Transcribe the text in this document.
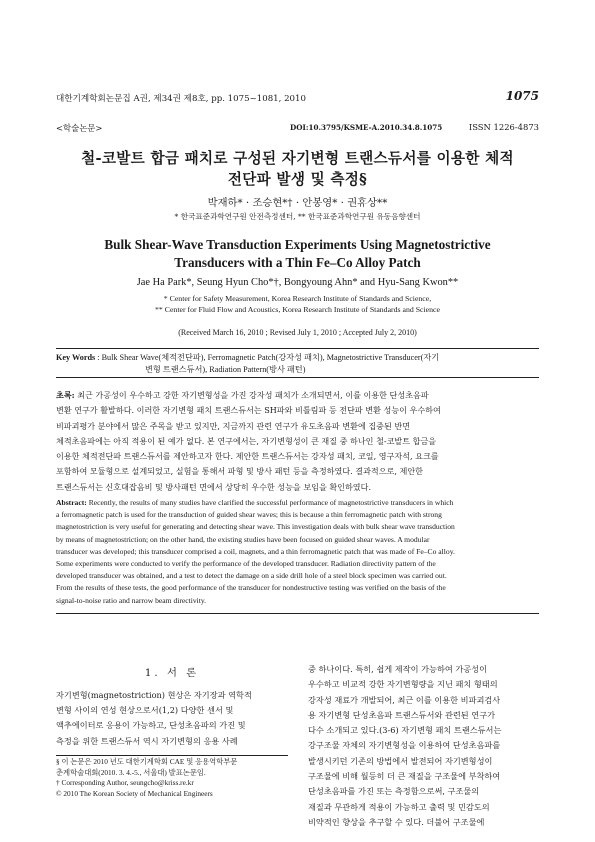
대한기계학회논문집 A권, 제34권 제8호, pp. 1075~1081, 2010	1075
<학술논문>	DOI:10.3795/KSME-A.2010.34.8.1075	ISSN 1226-4873
철-코발트 합금 패치로 구성된 자기변형 트랜스듀서를 이용한 체적
전단파 발생 및 측정§
박재하* · 조승현*† · 안봉영* · 권휴상**
* 한국표준과학연구원 안전측정센터, ** 한국표준과학연구원 유동음향센터
Bulk Shear-Wave Transduction Experiments Using Magnetostrictive
Transducers with a Thin Fe–Co Alloy Patch
Jae Ha Park*, Seung Hyun Cho*†, Bongyoung Ahn* and Hyu-Sang Kwon**
* Center for Safety Measurement, Korea Research Institute of Standards and Science,
** Center for Fluid Flow and Acoustics, Korea Research Institute of Standards and Science
(Received March 16, 2010 ; Revised July 1, 2010 ; Accepted July 2, 2010)
Key Words : Bulk Shear Wave(체적전단파), Ferromagnetic Patch(강자성 패치), Magnetostrictive Transducer(자기
변형 트랜스듀서), Radiation Pattern(방사 패턴)

초록: 최근 가공성이 우수하고 강한 자기변형성을 가진 강자성 패치가 소개되면서, 이를 이용한 단성초음파

변환 연구가 활발하다. 이러한 자기변형 패치 트랜스듀서는 SH파와 비틀림파 등 전단파 변환 성능이 우수하여

비파괴평가 분야에서 많은 주목을 받고 있지만, 지금까지 관련 연구가 유도초음파 변환에 집중된 반면

체적초음파에는 아직 적용이 된 예가 없다. 본 연구에서는, 자기변형성이 큰 재질 중 하나인 철-코발트 합금을

이용한 체적전단파 트랜스듀서를 제안하고자 한다. 제안한 트랜스듀서는 강자성 패치, 코일, 영구자석, 요크를

포함하여 모듈형으로 설계되었고, 실험을 통해서 파형 및 방사 패턴 등을 측정하였다. 결과적으로, 제안한

트랜스듀서는 신호대잡음비 및 방사패턴 면에서 상당히 우수한 성능을 보임을 확인하였다.

Abstract: Recently, the results of many studies have clarified the successful performance of magnetostrictive transducers in which

a ferromagnetic patch is used for the transduction of guided shear waves; this is because a thin ferromagnetic patch with strong

magnetostriction is very useful for generating and detecting shear wave. This investigation deals with bulk shear wave transduction

by means of magnetostriction; on the other hand, the existing studies have been focused on guided shear waves. A modular

transducer was developed; this transducer comprised a coil, magnets, and a thin ferromagnetic patch that was made of Fe–Co alloy.

Some experiments were conducted to verify the performance of the developed transducer. Radiation directivity pattern of the

developed transducer was obtained, and a test to detect the damage on a side drill hole of a steel block specimen was carried out.

From the results of these tests, the good performance of the transducer for nondestructive testing was verified on the basis of the

signal-to-noise ratio and narrow beam directivity.

1. 서 론

자기변형(magnetostriction) 현상은 자기장과 역학적

변형 사이의 연성 현상으로서(1,2) 다양한 센서 및

액추에이터로 응용이 가능하고, 단성초음파의 가진 및

측정을 위한 트랜스듀서 역시 자기변형의 응용 사례

§ 이 논문은 2010 년도 대한기계학회 CAE 및 응용역학부문

춘계학술대회(2010. 3. 4.-5., 서울대) 발표논문임.

† Corresponding Author, seungcho@kriss.re.kr

© 2010 The Korean Society of Mechanical Engineers

중 하나이다. 특히, 쉽게 제작이 가능하여 가공성이

우수하고 비교적 강한 자기변형량을 지닌 패치 형태의

강자성 재료가 개발되어, 최근 이를 이용한 비파괴검사

용 자기변형 단성초음파 트랜스듀서와 관련된 연구가

다수 소개되고 있다.(3-6) 자기변형 패치 트랜스듀서는

강구조물 자체의 자기변형성을 이용하여 단성초음파를

발생시키던 기존의 방법에서 발전되어 자기변형성이

구조물에 비해 월등히 더 큰 재질을 구조물에 부착하여

단성초음파를 가진 또는 측정함으로써, 구조물의

재질과 무관하게 적용이 가능하고 출력 및 민감도의

비약적인 향상을 추구할 수 있다. 더불어 구조물에
